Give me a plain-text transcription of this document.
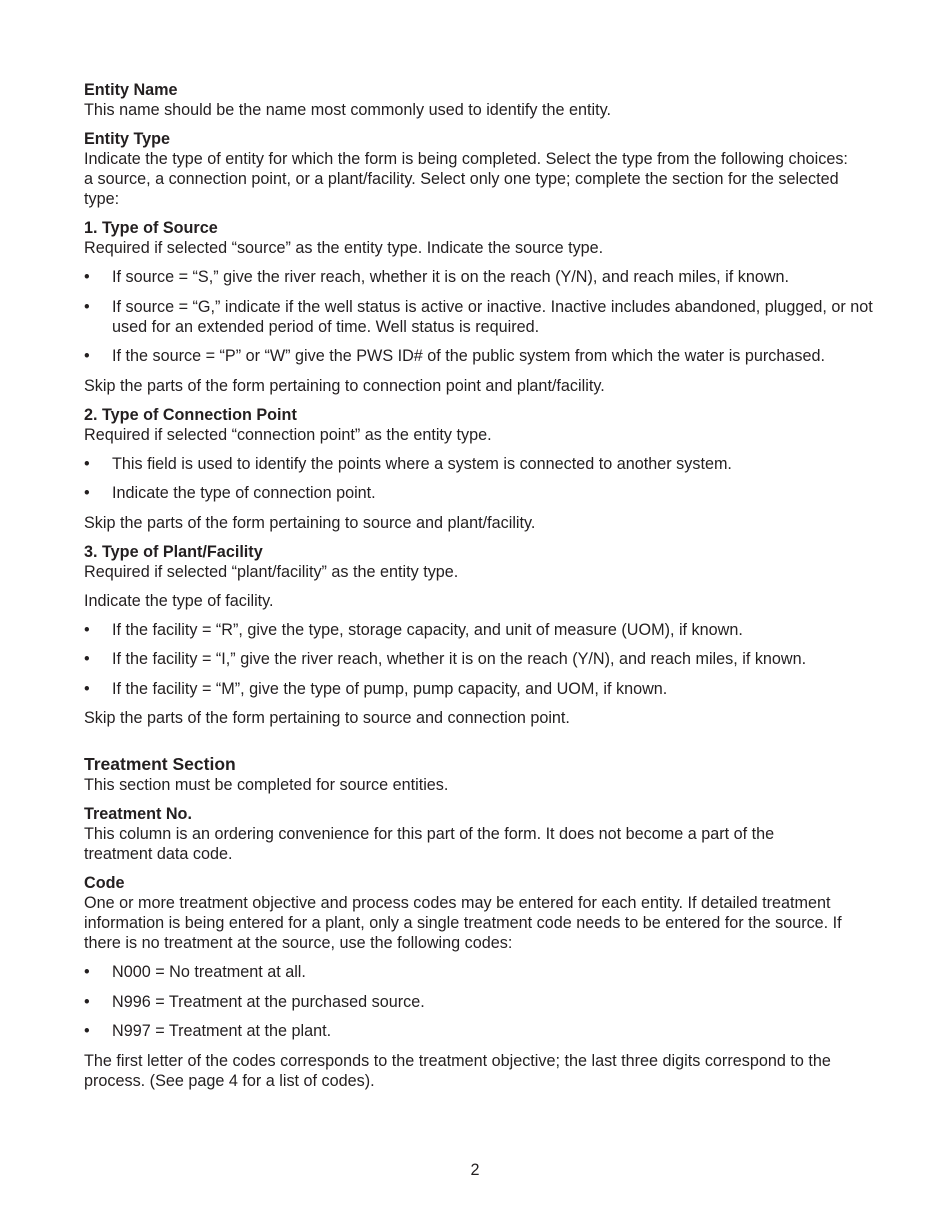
Entity Name

This name should be the name most commonly used to identify the entity.

Entity Type

Indicate the type of entity for which the form is being completed. Select the type from the following choices: a source, a connection point, or a plant/facility. Select only one type; complete the section for the selected type:

1. Type of Source

Required if selected “source” as the entity type. Indicate the source type.

• If source = “S,” give the river reach, whether it is on the reach (Y/N), and reach miles, if known.
• If source = “G,” indicate if the well status is active or inactive. Inactive includes abandoned, plugged, or not used for an extended period of time. Well status is required.
• If the source = “P” or “W” give the PWS ID# of the public system from which the water is purchased.

Skip the parts of the form pertaining to connection point and plant/facility.

2. Type of Connection Point

Required if selected “connection point” as the entity type.

• This field is used to identify the points where a system is connected to another system.
• Indicate the type of connection point.

Skip the parts of the form pertaining to source and plant/facility.

3. Type of Plant/Facility

Required if selected “plant/facility” as the entity type.

Indicate the type of facility.

• If the facility = “R”, give the type, storage capacity, and unit of measure (UOM), if known.
• If the facility = “I,” give the river reach, whether it is on the reach (Y/N), and reach miles, if known.
• If the facility = “M”, give the type of pump, pump capacity, and UOM, if known.

Skip the parts of the form pertaining to source and connection point.

Treatment Section

This section must be completed for source entities.

Treatment No.

This column is an ordering convenience for this part of the form. It does not become a part of the treatment data code.

Code

One or more treatment objective and process codes may be entered for each entity. If detailed treatment information is being entered for a plant, only a single treatment code needs to be entered for the source. If there is no treatment at the source, use the following codes:

• N000 = No treatment at all.
• N996 = Treatment at the purchased source.
• N997 = Treatment at the plant.

The first letter of the codes corresponds to the treatment objective; the last three digits correspond to the process. (See page 4 for a list of codes).

2
